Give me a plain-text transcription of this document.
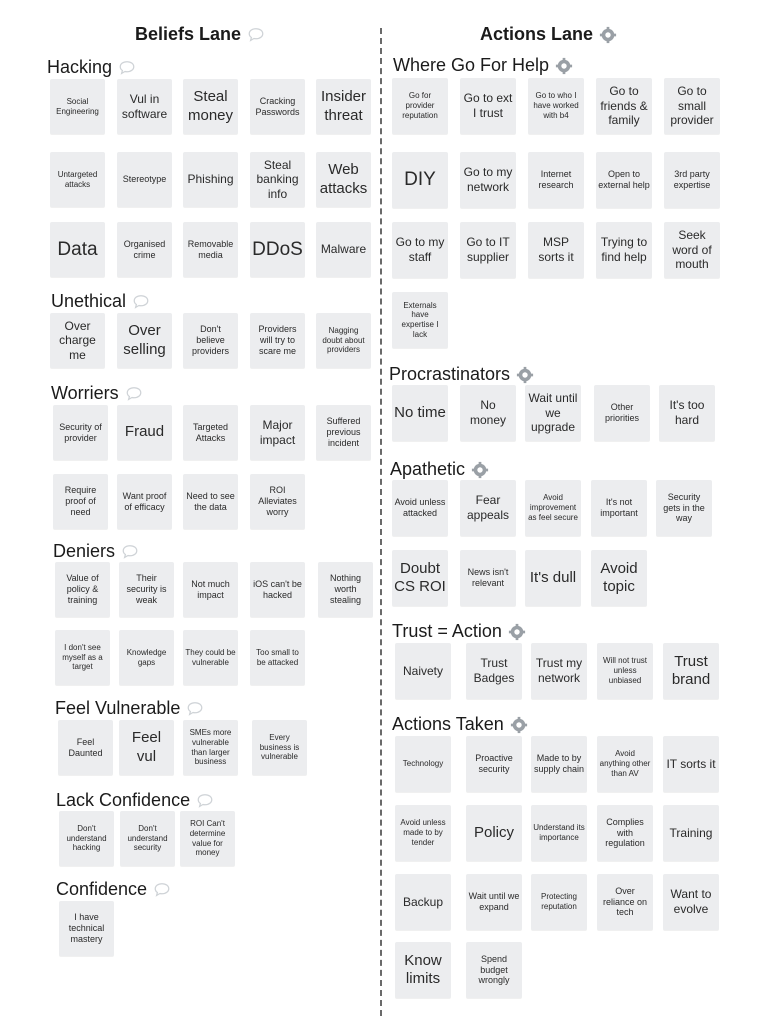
Beliefs Lane	Actions Lane
Hacking
Social Engineering
Vul in software
Steal money
Cracking Passwords
Insider threat
Untargeted attacks	Stereotype	Phishing
Steal banking info
Web attacks
Data	Organised crime
Removable media	DDoS	Malware
Unethical
Over charge me
Over selling
Don't believe providers
Providers will try to scare me
Nagging doubt about providers
Worriers
Security of provider	Fraud	Targeted Attacks
Major impact
Suffered previous incident
Require proof of need
Want proof of efficacy
Need to see the data
ROI Alleviates worry
Deniers
Value of policy & training
Their security is weak
Not much impact
iOS can't be hacked
Nothing worth stealing
I don't see myself as a target
Knowledge gaps
They could be vulnerable
Too small to be attacked
Feel Vulnerable
Feel Daunted
Feel vul
SMEs more vulnerable than larger business
Every business is vulnerable
Lack Confidence
Don't understand hacking
Don't understand security
ROI Can't determine value for money
Confidence
I have technical mastery
Where Go For Help
Go for provider reputation
Go to ext I trust
Go to who I have worked with b4
Go to friends & family
Go to small provider
DIY	Go to my network
Internet research
Open to external help
3rd party expertise
Go to my staff
Go to IT supplier
MSP sorts it
Trying to find help
Seek word of mouth
Externals have expertise I lack
Procrastinators
No time	No money
Wait until we upgrade
Other priorities
It's too hard
Apathetic
Avoid unless attacked
Fear appeals
Avoid improvement as feel secure
It's not important
Security gets in the way
Doubt CS ROI
News isn't relevant	It's dull
Avoid topic
Trust = Action
Naivety
Trust Badges
Trust my network
Will not trust unless unbiased
Trust brand
Actions Taken
Technology
Proactive security
Made to by supply chain
Avoid anything other than AV
IT sorts it
Avoid unless made to by tender
Policy	Understand its importance
Complies with regulation
Training
Backup	Wait until we expand
Protecting reputation
Over reliance on tech
Want to evolve
Know limits
Spend budget wrongly
